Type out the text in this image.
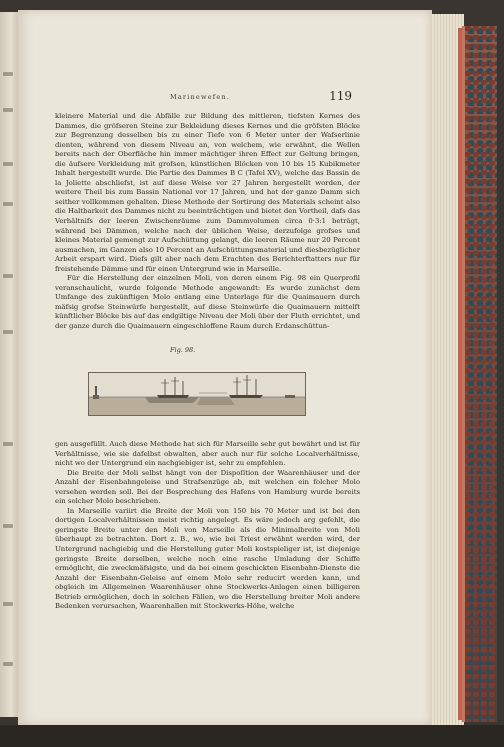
Marinewefen.	119

kleinere Material und die Abfälle zur Bildung des mittleren, tiefsten Kernes des Dammes, die gröfseren Steine zur Bekleidung dieses Kernes und die gröfsten Blöcke zur Begrenzung desselben bis zu einer Tiefe von 6 Meter unter der Wafserlinie dienten, während von diesem Niveau an, von welchem, wie erwähnt, die Wellen bereits nach der Oberfläche hin immer mächtiger ihren Effect zur Geltung bringen, die äufsere Verkleidung mit grofsen, künstlichen Blöcken von 10 bis 15 Kubikmeter Inhalt hergestellt wurde. Die Partie des Dammes B C (Tafel XV), welche das Bassin de la Joliette abschliefst, ist auf diese Weise vor 27 Jahren hergestellt worden, der weitere Theil bis zum Bassin National vor 17 Jahren, und hat der ganze Damm sich seither vollkommen gehalten. Diese Methode der Sortirung des Materials scheint also die Haltbarkeit des Dammes nicht zu beeinträchtigen und bietet den Vortheil, dafs das Verhältnifs der leeren Zwischenräume zum Dammvolumen circa 0·3:1 beträgt, während bei Dämmen, welche nach der üblichen Weise, derzufolge grofses und kleines Material gemengt zur Aufschüttung gelangt, die leeren Räume nur 20 Percent ausmachen, im Ganzen also 10 Percent an Aufschüttungsmaterial und diesbezüglicher Arbeit erspart wird. Diefs gilt aber nach dem Erachten des Berichterftatters nur für freistehende Dämme und für einen Untergrund wie in Marseille.

Für die Herstellung der einzelnen Moli, von deren einem Fig. 98 ein Querprofil veranschaulicht, wurde folgende Methode angewandt: Es wurde zunächst dem Umfange des zukünftigen Molo entlang eine Unterlage für die Quaimauern durch mäfsig grofse Steinwürfe hergestellt, auf diese Steinwürfe die Quaimauern mittelft künftlicher Blöcke bis auf das endgiltige Niveau der Moli über der Fluth errichtet, und der ganze durch die Quaimauern eingeschloffene Raum durch Erdanschüttun-

Fig. 98.

gen ausgefüllt. Auch diese Methode hat sich für Marseille sehr gut bewährt und ist für Verhältnisse, wie sie dafelbst obwalten, aber auch nur für solche Localverhältnisse, nicht wo der Untergrund ein nachgiebiger ist, sehr zu empfehlen.

Die Breite der Moli selbst hängt von der Dispoſition der Waarenhäuser und der Anzahl der Eisenbahngeleise und Strafsenzüge ab, mit welchen ein folcher Molo versehen werden soll. Bei der Besprechung des Hafens von Hamburg wurde bereits ein solcher Molo beschrieben.

In Marseille variirt die Breite der Moli von 150 bis 70 Meter und ist bei den dortigen Localverhältnissen meist richtig angelegt. Es wäre jedoch arg gefehlt, die geringste Breite unter den Moli von Marseille als die Minimalbreite von Moli überhaupt zu betrachten. Dort z. B., wo, wie bei Triest erwähnt werden wird, der Untergrund nachgiebig und die Herstellung guter Moli kostspieliger ist, ist diejenige geringste Breite derselben, welche noch eine rasche Umladung der Schiffe ermöglicht, die zweckmäfsigste, und da bei einem geschickten Eisenbahn-Dienste die Anzahl der Eisenbahn-Geleise auf einem Molo sehr reducirt werden kann, und obgleich im Allgemeinen Waarenhäuser ohne Stockwerks-Anlagen einen billigeren Betrieb ermöglichen, doch in solchen Fällen, wo die Herstellung breiter Moli andere Bedenken verursachen, Waarenhallen mit Stockwerks-Höhe, welche
